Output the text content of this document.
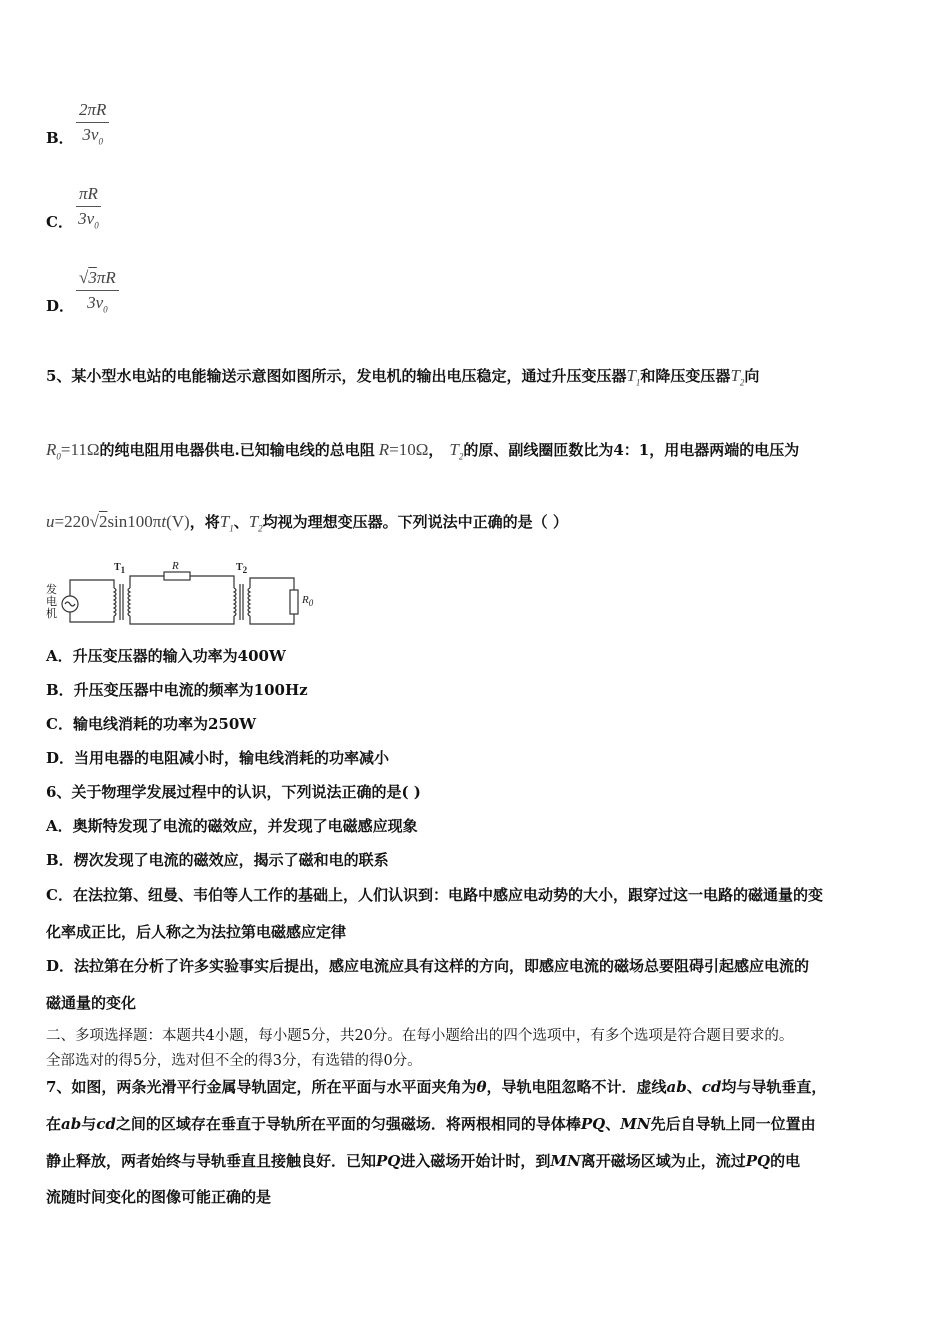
B． $\frac{2\pi R}{3v_0}$
C． $\frac{\pi R}{3v_0}$
D． $\frac{√3\pi R}{3v_0}$
5、某小型水电站的电能输送示意图如图所示，发电机的输出电压稳定，通过升压变压器$T_1$和降压变压器$T_2$向
$R_0=11\Omega$的纯电阻用电器供电.已知输电线的总电阻 R=10Ω， $T_2$的原、副线圈匝数比为4：1，用电器两端的电压为
u=220√2sin100πt(V)，将$T_1$、$T_2$均视为理想变压器。下列说法中正确的是（ ）
发电机
$T_1$	R	$T_2$
$R_0$
A．升压变压器的输入功率为400W
B．升压变压器中电流的频率为100Hz
C．输电线消耗的功率为250W
D．当用电器的电阻减小时，输电线消耗的功率减小
6、关于物理学发展过程中的认识，下列说法正确的是( )
A．奥斯特发现了电流的磁效应，并发现了电磁感应现象
B．楞次发现了电流的磁效应，揭示了磁和电的联系
C．在法拉第、纽曼、韦伯等人工作的基础上，人们认识到：电路中感应电动势的大小，跟穿过这一电路的磁通量的变
化率成正比，后人称之为法拉第电磁感应定律
D．法拉第在分析了许多实验事实后提出，感应电流应具有这样的方向，即感应电流的磁场总要阻碍引起感应电流的
磁通量的变化
二、多项选择题：本题共4小题，每小题5分，共20分。在每小题给出的四个选项中，有多个选项是符合题目要求的。
全部选对的得5分，选对但不全的得3分，有选错的得0分。
7、如图，两条光滑平行金属导轨固定，所在平面与水平面夹角为θ，导轨电阻忽略不计．虚线ab、cd均与导轨垂直，
在ab与cd之间的区域存在垂直于导轨所在平面的匀强磁场．将两根相同的导体棒PQ、MN先后自导轨上同一位置由
静止释放，两者始终与导轨垂直且接触良好．已知PQ进入磁场开始计时，到MN离开磁场区域为止，流过PQ的电
流随时间变化的图像可能正确的是
